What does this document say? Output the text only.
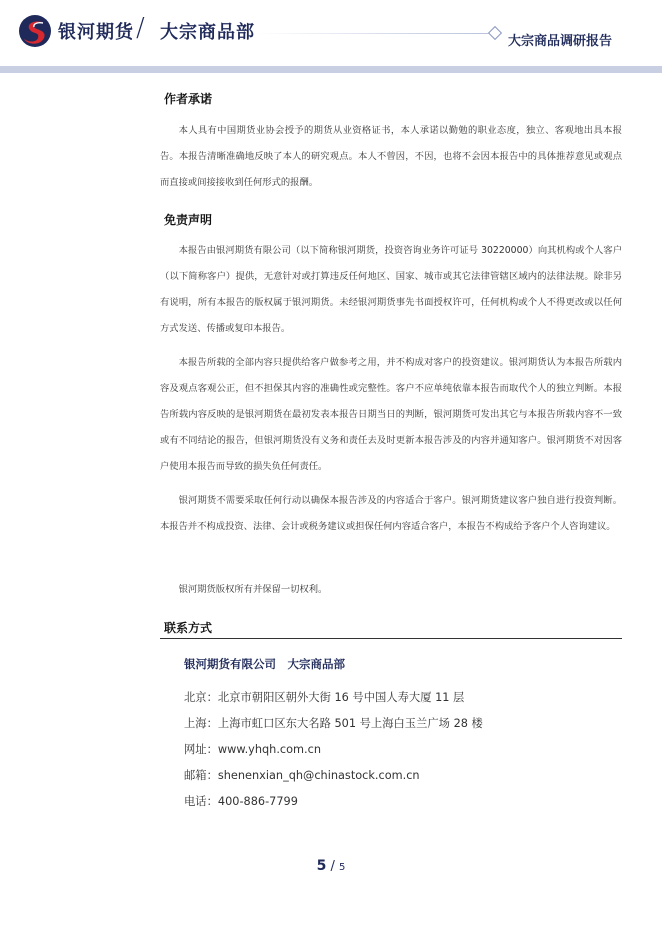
银河期货 / 大宗商品部	大宗商品调研报告
作者承诺

本人具有中国期货业协会授予的期货从业资格证书，本人承诺以勤勉的职业态度，独立、客观地出具本报告。本报告清晰准确地反映了本人的研究观点。本人不曾因，不因，也将不会因本报告中的具体推荐意见或观点而直接或间接接收到任何形式的报酬。

免责声明

本报告由银河期货有限公司（以下简称银河期货，投资咨询业务许可证号 30220000）向其机构或个人客户（以下简称客户）提供，无意针对或打算违反任何地区、国家、城市或其它法律管辖区域内的法律法规。除非另有说明，所有本报告的版权属于银河期货。未经银河期货事先书面授权许可，任何机构或个人不得更改或以任何方式发送、传播或复印本报告。

本报告所载的全部内容只提供给客户做参考之用，并不构成对客户的投资建议。银河期货认为本报告所载内容及观点客观公正，但不担保其内容的准确性或完整性。客户不应单纯依靠本报告而取代个人的独立判断。本报告所载内容反映的是银河期货在最初发表本报告日期当日的判断，银河期货可发出其它与本报告所载内容不一致或有不同结论的报告，但银河期货没有义务和责任去及时更新本报告涉及的内容并通知客户。银河期货不对因客户使用本报告而导致的损失负任何责任。

银河期货不需要采取任何行动以确保本报告涉及的内容适合于客户。银河期货建议客户独自进行投资判断。本报告并不构成投资、法律、会计或税务建议或担保任何内容适合客户，本报告不构成给予客户个人咨询建议。

银河期货版权所有并保留一切权利。

联系方式
银河期货有限公司　大宗商品部
北京：北京市朝阳区朝外大街 16 号中国人寿大厦 11 层
上海：上海市虹口区东大名路 501 号上海白玉兰广场 28 楼
网址：www.yhqh.com.cn
邮箱：shenenxian_qh@chinastock.com.cn
电话：400-886-7799
5 / 5
